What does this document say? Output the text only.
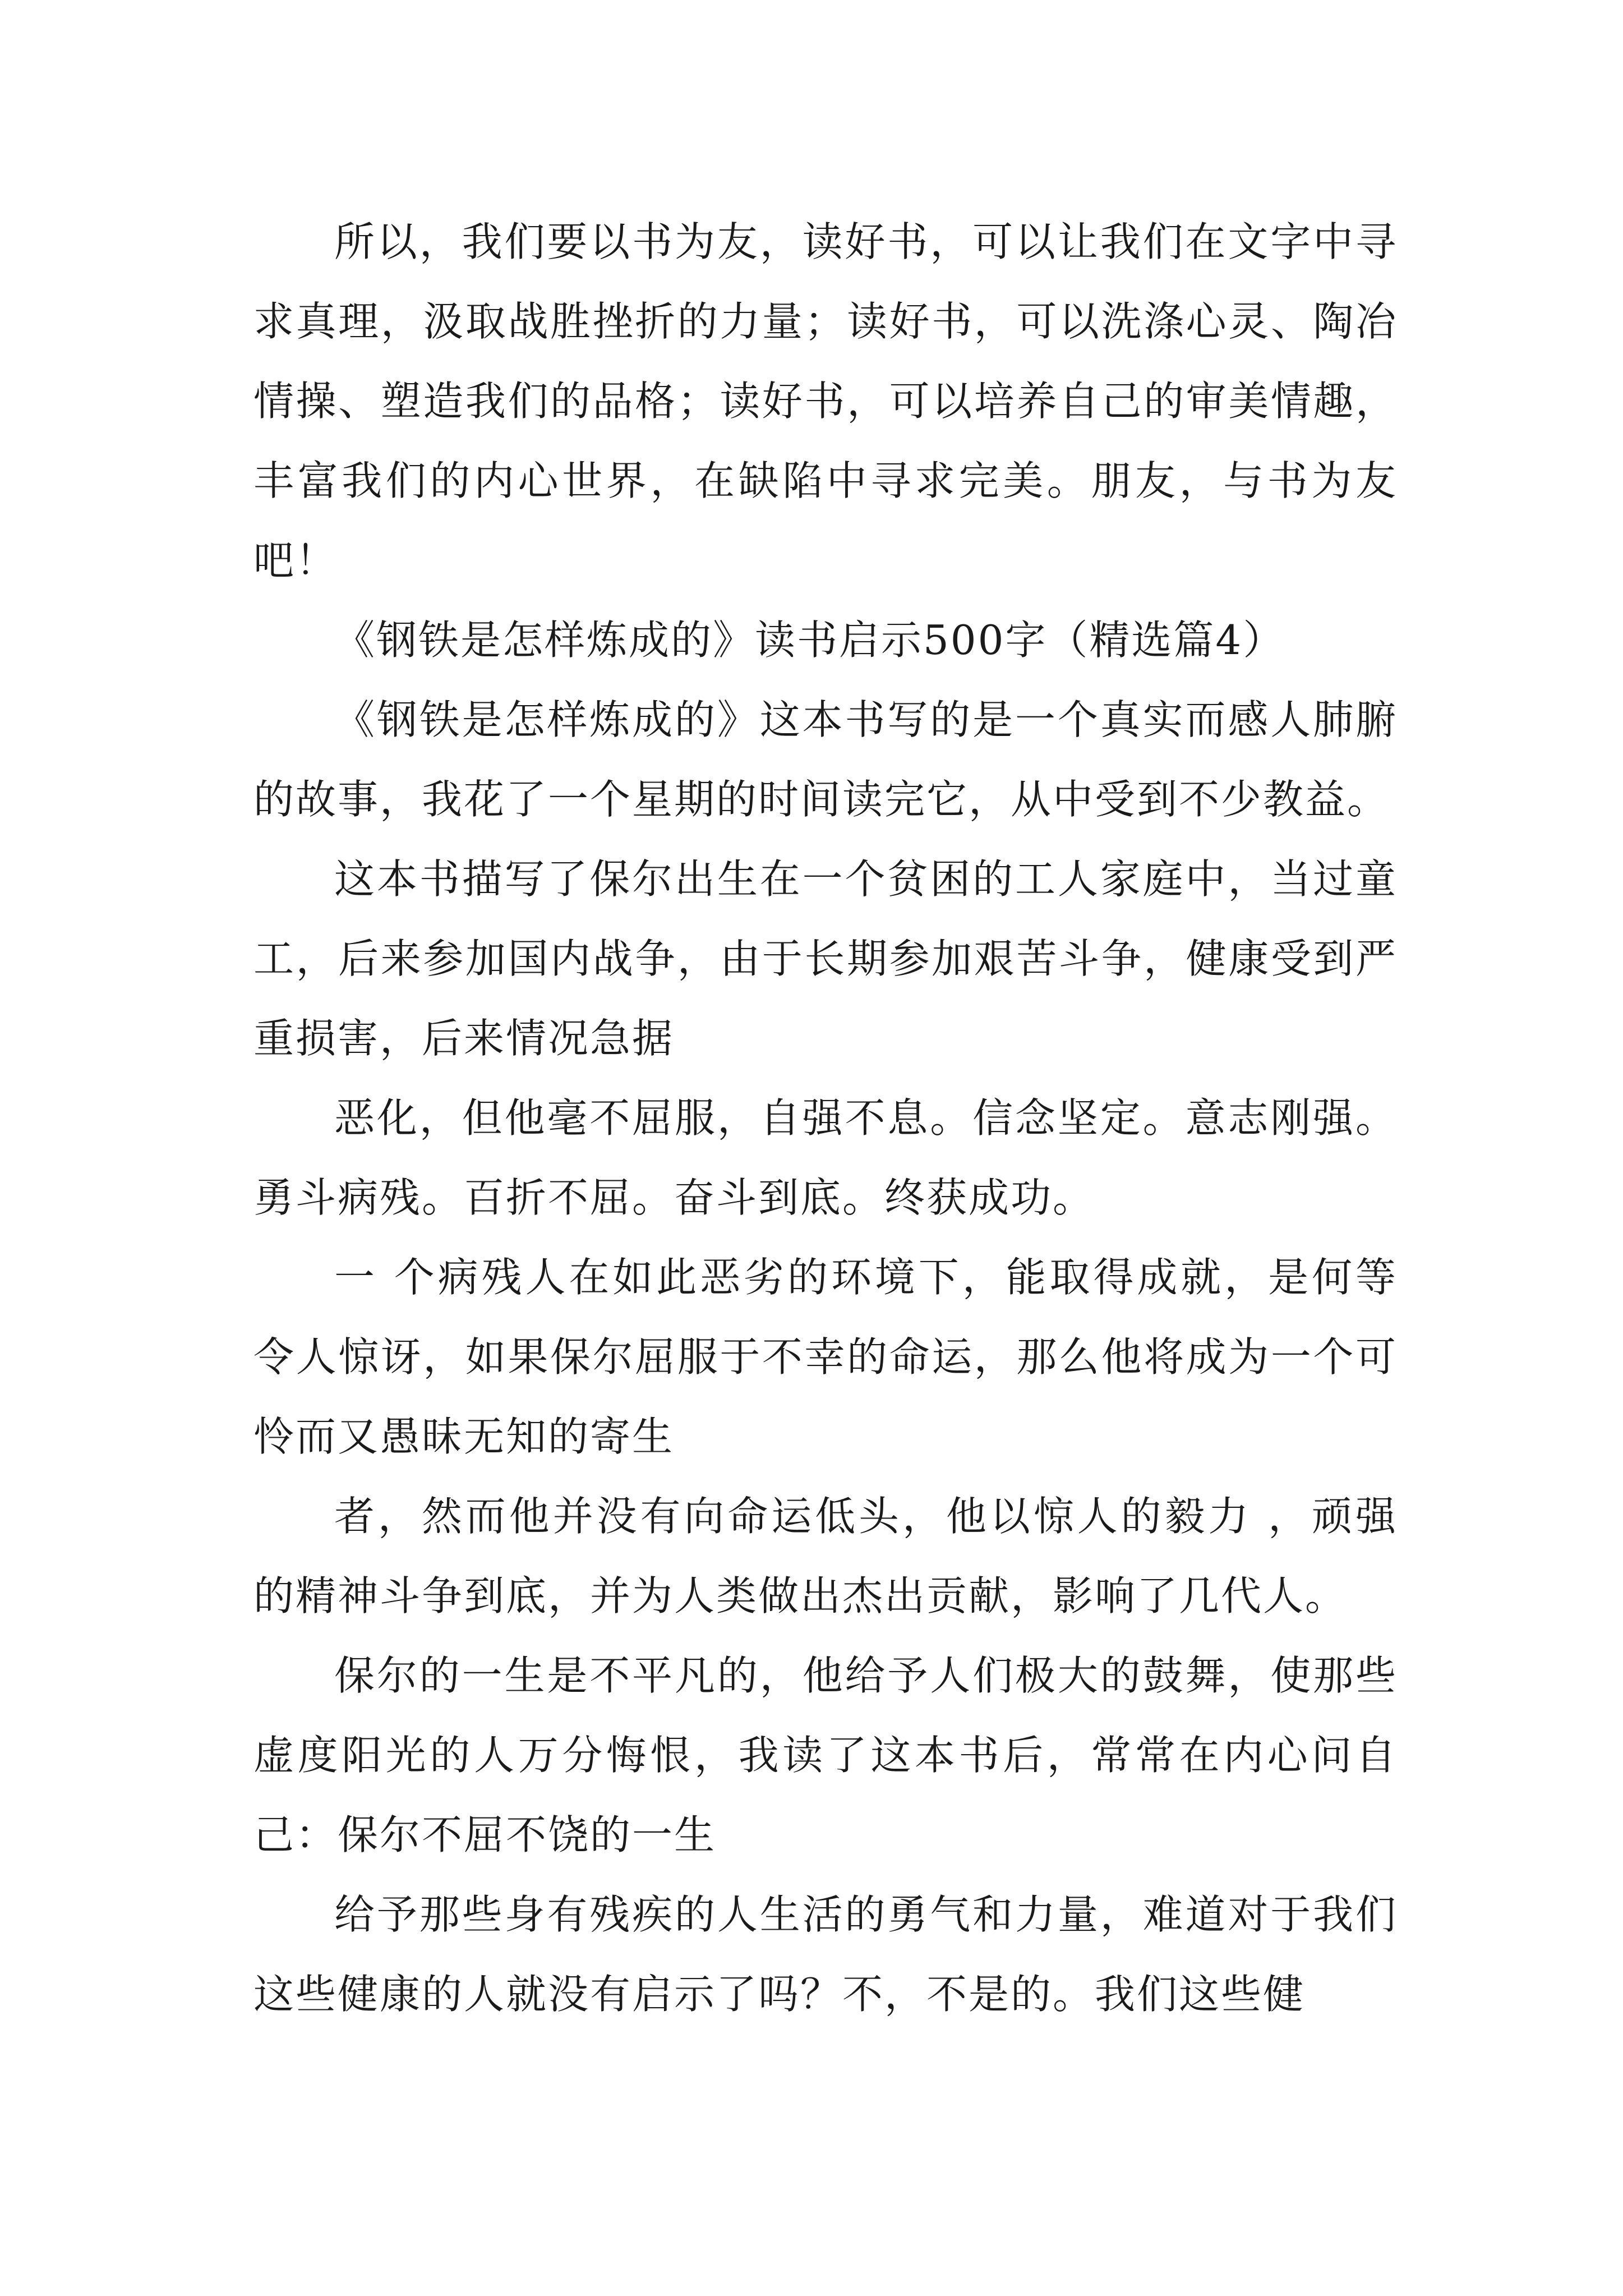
所以，我们要以书为友，读好书，可以让我们在文字中寻求真理，汲取战胜挫折的力量；读好书，可以洗涤心灵、陶冶情操、塑造我们的品格；读好书，可以培养自己的审美情趣，丰富我们的内心世界，在缺陷中寻求完美。朋友，与书为友吧！

《钢铁是怎样炼成的》读书启示500字（精选篇4）

《钢铁是怎样炼成的》这本书写的是一个真实而感人肺腑的故事，我花了一个星期的时间读完它，从中受到不少教益。

这本书描写了保尔出生在一个贫困的工人家庭中，当过童工，后来参加国内战争，由于长期参加艰苦斗争，健康受到严重损害，后来情况急据

恶化，但他毫不屈服，自强不息。信念坚定。意志刚强。勇斗病残。百折不屈。奋斗到底。终获成功。

一 个病残人在如此恶劣的环境下，能取得成就，是何等令人惊讶，如果保尔屈服于不幸的命运，那么他将成为一个可怜而又愚昧无知的寄生

者，然而他并没有向命运低头，他以惊人的毅力 ，顽强的精神斗争到底，并为人类做出杰出贡献，影响了几代人。

保尔的一生是不平凡的，他给予人们极大的鼓舞，使那些虚度阳光的人万分悔恨，我读了这本书后，常常在内心问自己：保尔不屈不饶的一生

给予那些身有残疾的人生活的勇气和力量，难道对于我们这些健康的人就没有启示了吗？不，不是的。我们这些健
